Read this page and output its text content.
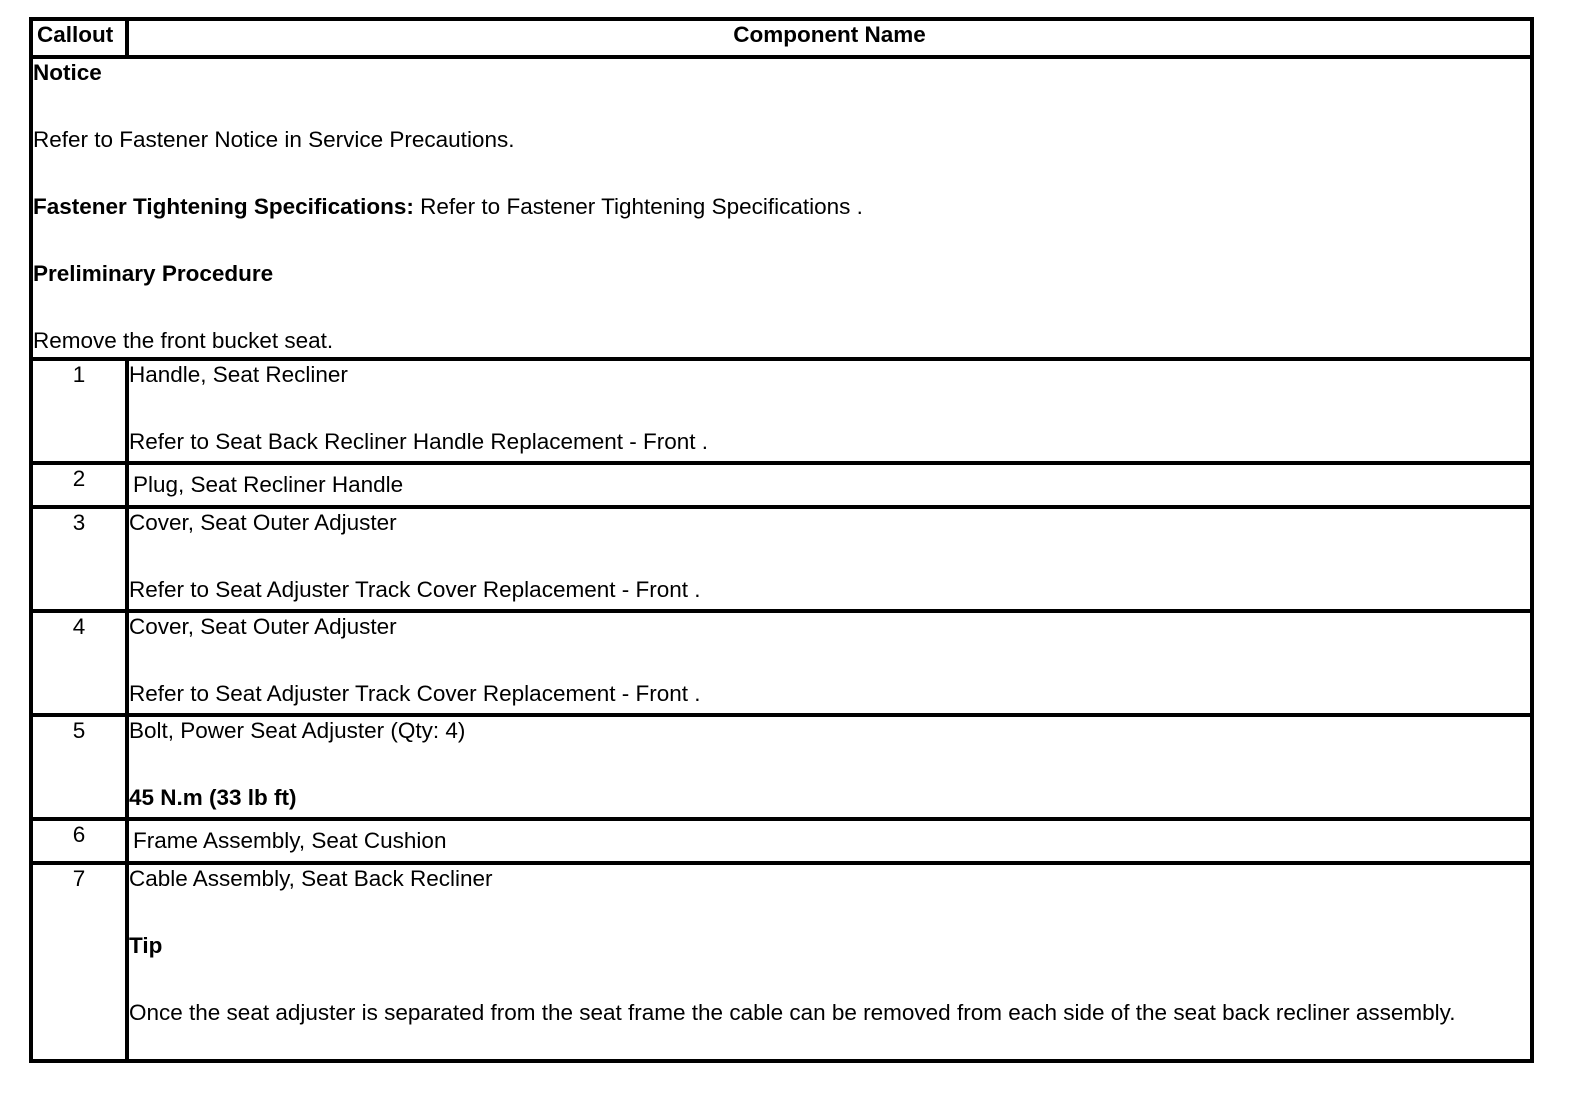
Callout	Component Name

Notice

Refer to Fastener Notice in Service Precautions.

Fastener Tightening Specifications: Refer to Fastener Tightening Specifications .

Preliminary Procedure

Remove the front bucket seat.	

1	Handle, Seat Recliner

Refer to Seat Back Recliner Handle Replacement - Front .

2	Plug, Seat Recliner Handle

3	Cover, Seat Outer Adjuster

Refer to Seat Adjuster Track Cover Replacement - Front .

4	Cover, Seat Outer Adjuster

Refer to Seat Adjuster Track Cover Replacement - Front .

5	Bolt, Power Seat Adjuster (Qty: 4)

45 N.m (33 lb ft)

6	Frame Assembly, Seat Cushion

7	Cable Assembly, Seat Back Recliner

Tip

Once the seat adjuster is separated from the seat frame the cable can be removed from each side of the seat back recliner assembly.
